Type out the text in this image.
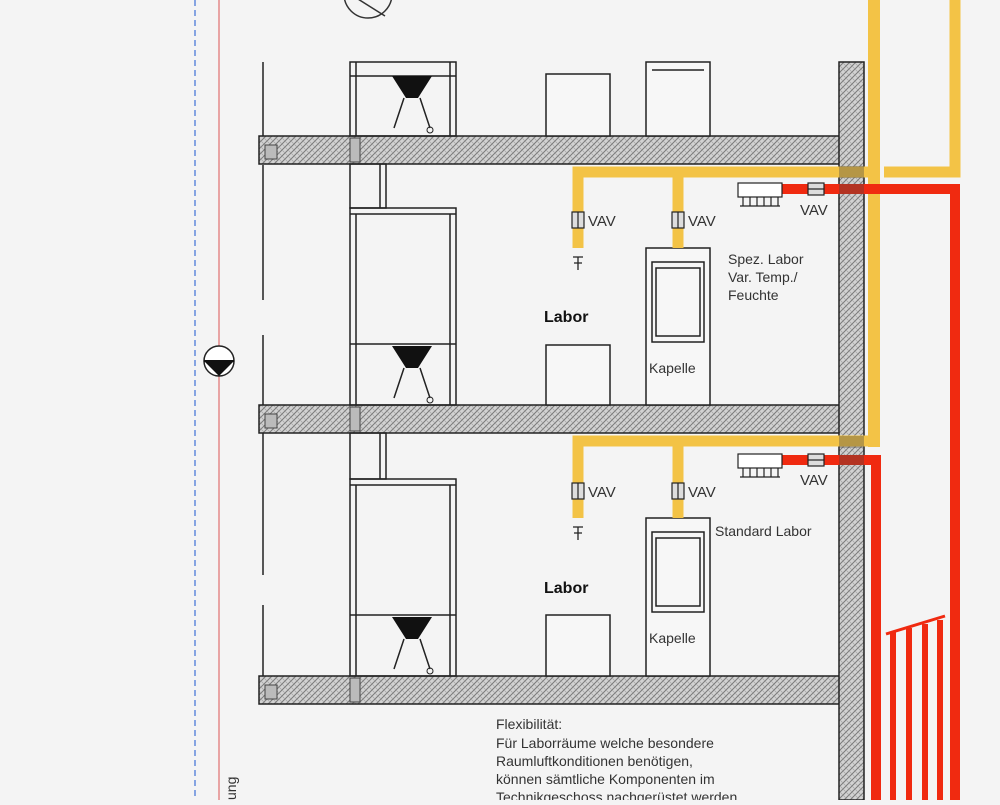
ung
VAV	VAV
VAV
VAV	VAV
VAV
Labor
Labor
Kapelle
Kapelle
Spez. Labor
Var. Temp./
Feuchte
Standard Labor
Flexibilität:
Für Laborräume welche besondere
Raumluftkonditionen benötigen,
können sämtliche Komponenten im
Technikgeschoss nachgerüstet werden.
